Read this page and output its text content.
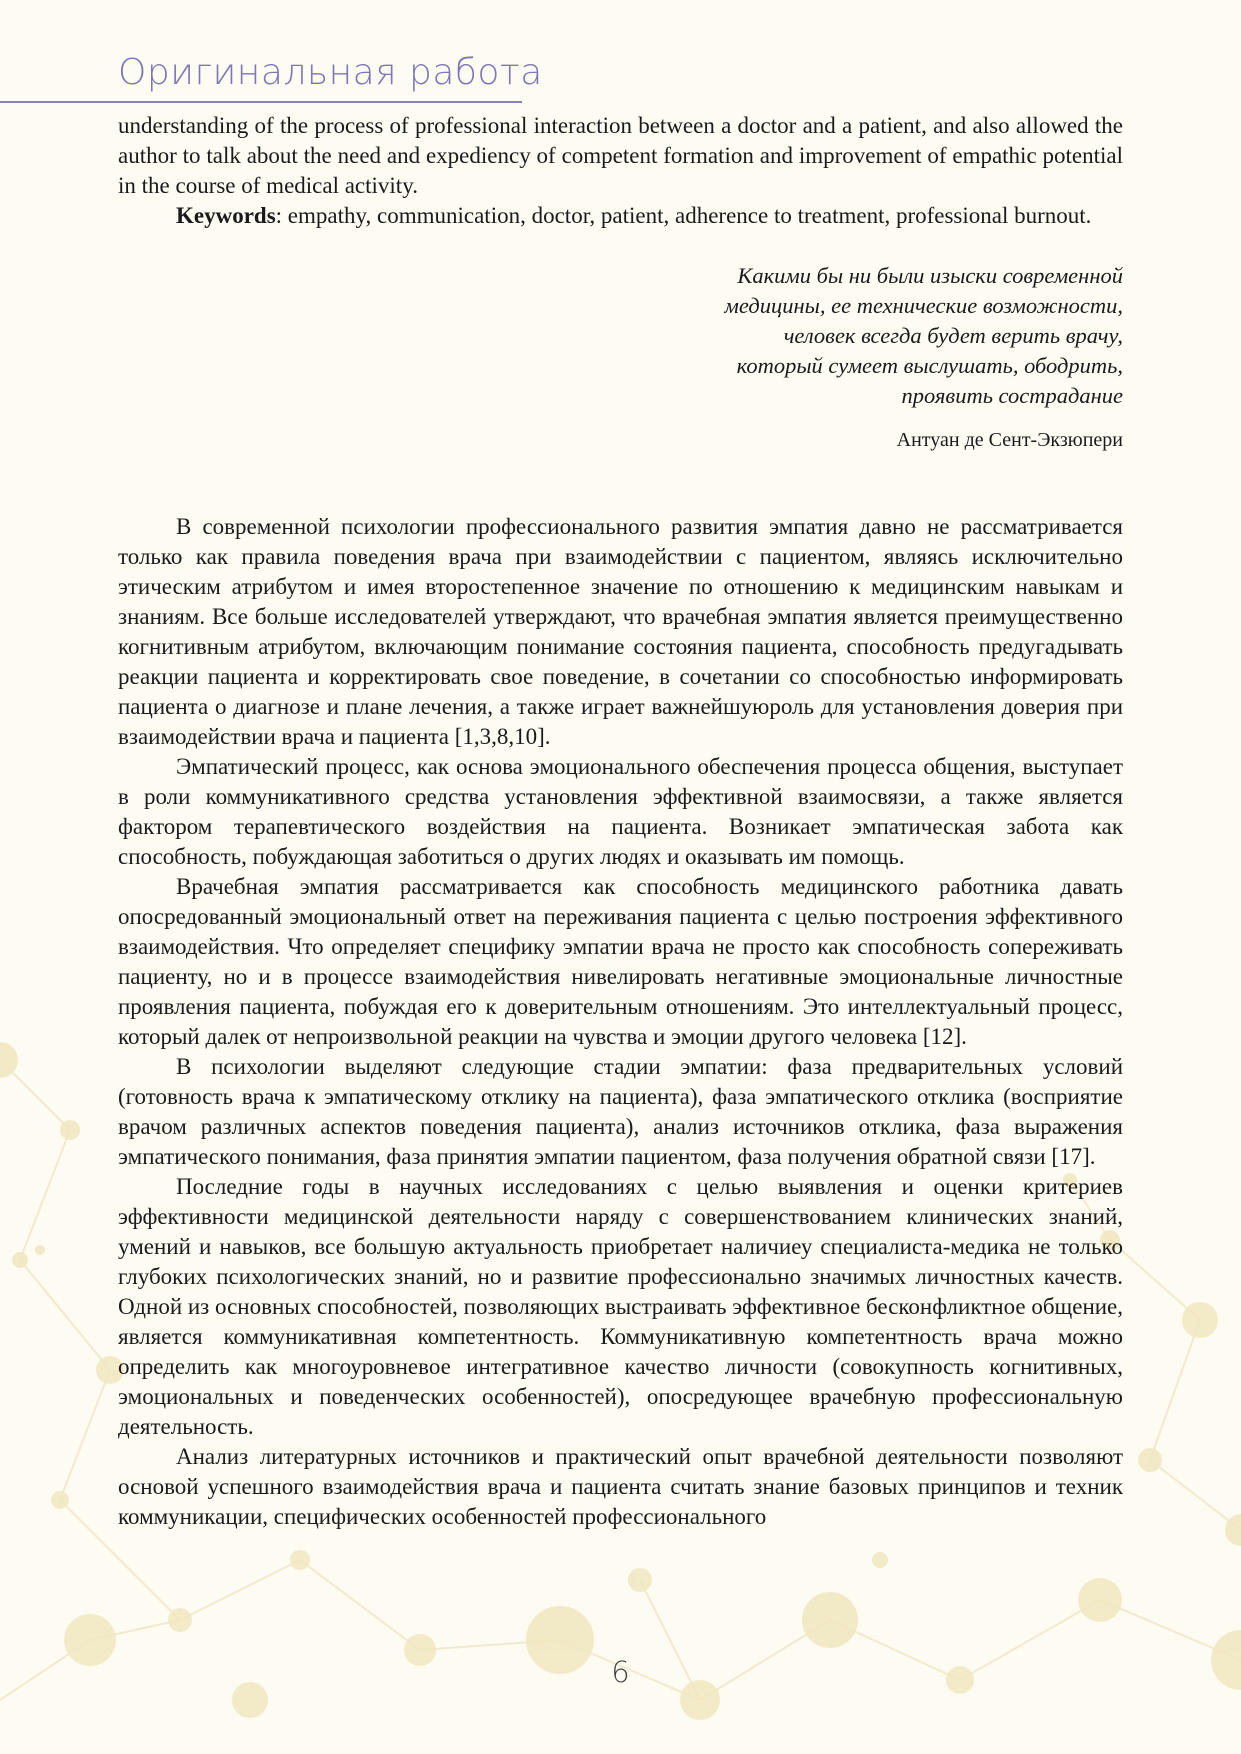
Оригинальная работа

understanding of the process of professional interaction between a doctor and a patient, and also allowed the author to talk about the need and expediency of competent formation and improvement of empathic potential in the course of medical activity.

Keywords: empathy, communication, doctor, patient, adherence to treatment, professional burnout.

Какими бы ни были изыски современной
медицины, ее технические возможности,
человек всегда будет верить врачу,
который сумеет выслушать, ободрить,
проявить сострадание
Антуан де Сент-Экзюпери

В современной психологии профессионального развития эмпатия давно не рассматривается только как правила поведения врача при взаимодействии с пациентом, являясь исключительно этическим атрибутом и имея второстепенное значение по отношению к медицинским навыкам и знаниям. Все больше исследователей утверждают, что врачебная эмпатия является преимущественно когнитивным атрибутом, включающим понимание состояния пациента, способность предугадывать реакции пациента и корректировать свое поведение, в сочетании со способностью информировать пациента о диагнозе и плане лечения, а также играет важнейшуюроль для установления доверия при взаимодействии врача и пациента [1,3,8,10].

Эмпатический процесс, как основа эмоционального обеспечения процесса общения, выступает в роли коммуникативного средства установления эффективной взаимосвязи, а также является фактором терапевтического воздействия на пациента. Возникает эмпатическая забота как способность, побуждающая заботиться о других людях и оказывать им помощь.

Врачебная эмпатия рассматривается как способность медицинского работника давать опосредованный эмоциональный ответ на переживания пациента с целью построения эффективного взаимодействия. Что определяет специфику эмпатии врача не просто как способность сопереживать пациенту, но и в процессе взаимодействия нивелировать негативные эмоциональные личностные проявления пациента, побуждая его к доверительным отношениям. Это интеллектуальный процесс, который далек от непроизвольной реакции на чувства и эмоции другого человека [12].

В психологии выделяют следующие стадии эмпатии: фаза предварительных условий (готовность врача к эмпатическому отклику на пациента), фаза эмпатического отклика (восприятие врачом различных аспектов поведения пациента), анализ источников отклика, фаза выражения эмпатического понимания, фаза принятия эмпатии пациентом, фаза получения обратной связи [17].

Последние годы в научных исследованиях с целью выявления и оценки критериев эффективности медицинской деятельности наряду с совершенствованием клинических знаний, умений и навыков, все большую актуальность приобретает наличиеу специалиста-медика не только глубоких психологических знаний, но и развитие профессионально значимых личностных качеств. Одной из основных способностей, позволяющих выстраивать эффективное бесконфликтное общение, является коммуникативная компетентность. Коммуникативную компетентность врача можно определить как многоуровневое интегративное качество личности (совокупность когнитивных, эмоциональных и поведенческих особенностей), опосредующее врачебную профессиональную деятельность.

Анализ литературных источников и практический опыт врачебной деятельности позволяют основой успешного взаимодействия врача и пациента считать знание базовых принципов и техник коммуникации, специфических особенностей профессионального

6
